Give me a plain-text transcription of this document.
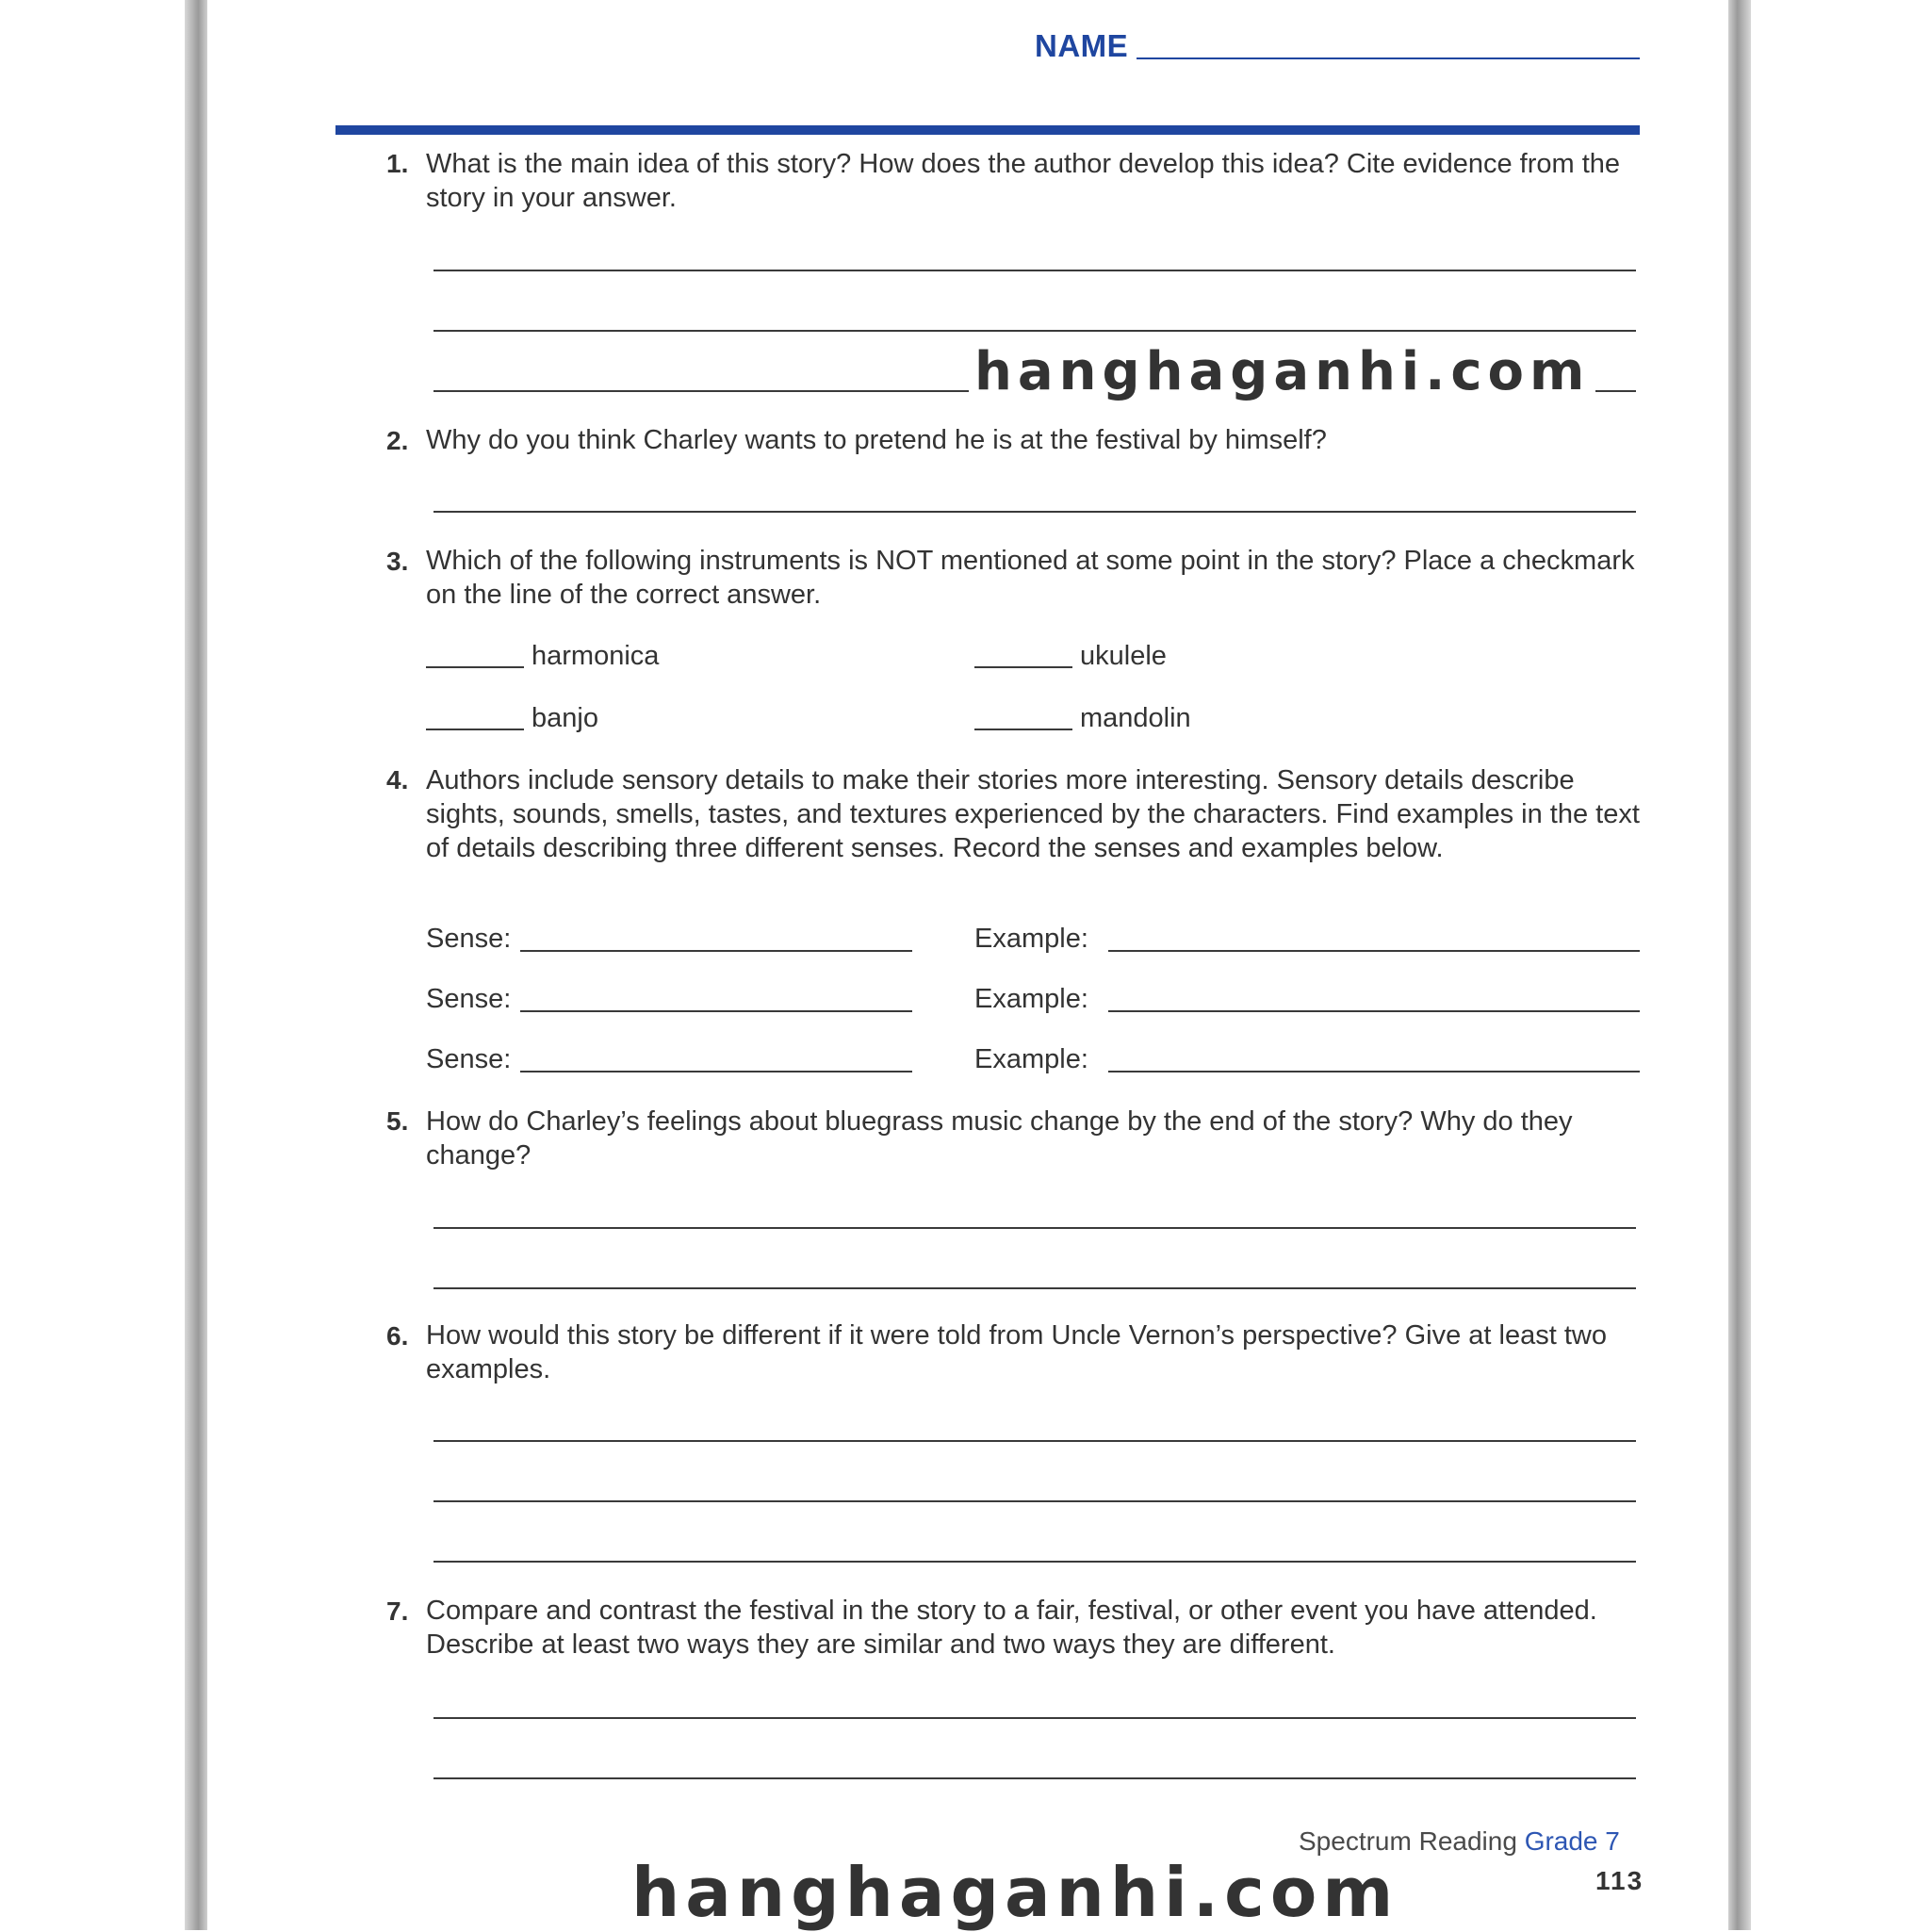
NAME
1. What is the main idea of this story? How does the author develop this idea? Cite evidence from the story in your answer.
hanghaganhi.com
2. Why do you think Charley wants to pretend he is at the festival by himself?
3. Which of the following instruments is NOT mentioned at some point in the story? Place a checkmark on the line of the correct answer.
harmonica	ukulele
banjo	mandolin
4. Authors include sensory details to make their stories more interesting. Sensory details describe sights, sounds, smells, tastes, and textures experienced by the characters. Find examples in the text of details describing three different senses. Record the senses and examples below.
Sense:	Example:
Sense:	Example:
Sense:	Example:
5. How do Charley’s feelings about bluegrass music change by the end of the story? Why do they change?
6. How would this story be different if it were told from Uncle Vernon’s perspective? Give at least two examples.
7. Compare and contrast the festival in the story to a fair, festival, or other event you have attended. Describe at least two ways they are similar and two ways they are different.
Spectrum Reading Grade 7
113
hanghaganhi.com
